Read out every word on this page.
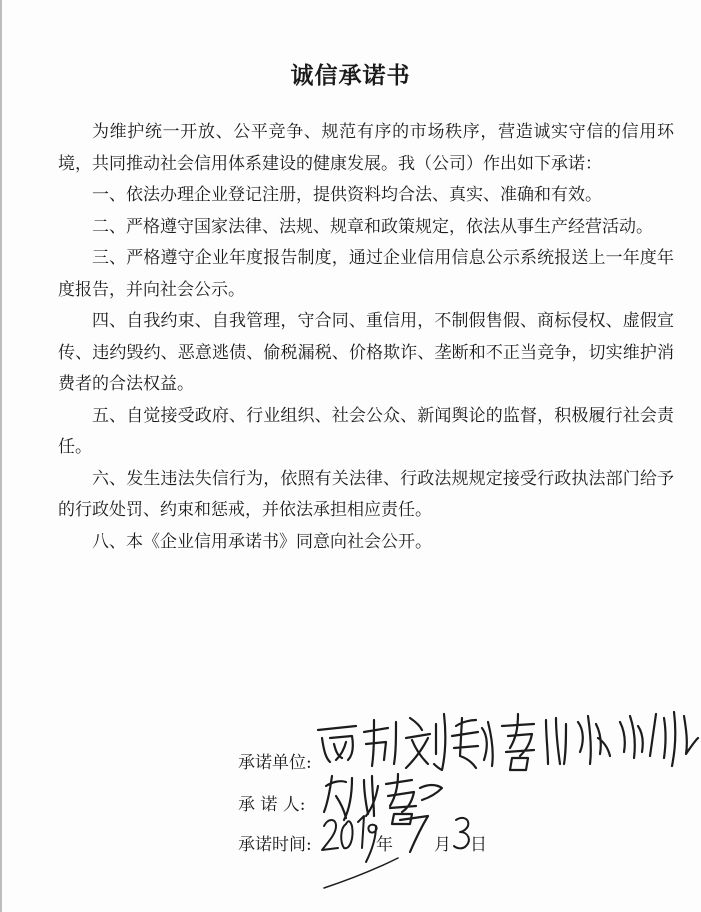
诚信承诺书

为维护统一开放、公平竞争、规范有序的市场秩序，营造诚实守信的信用环境，共同推动社会信用体系建设的健康发展。我（公司）作出如下承诺：

一、依法办理企业登记注册，提供资料均合法、真实、准确和有效。

二、严格遵守国家法律、法规、规章和政策规定，依法从事生产经营活动。

三、严格遵守企业年度报告制度，通过企业信用信息公示系统报送上一年度年度报告，并向社会公示。

四、自我约束、自我管理，守合同、重信用，不制假售假、商标侵权、虚假宣传、违约毁约、恶意逃债、偷税漏税、价格欺诈、垄断和不正当竞争，切实维护消费者的合法权益。

五、自觉接受政府、行业组织、社会公众、新闻舆论的监督，积极履行社会责任。

六、发生违法失信行为，依照有关法律、行政法规规定接受行政执法部门给予的行政处罚、约束和惩戒，并依法承担相应责任。

八、本《企业信用承诺书》同意向社会公开。

承诺单位:
承 诺 人:
承诺时间:	年 月 日
